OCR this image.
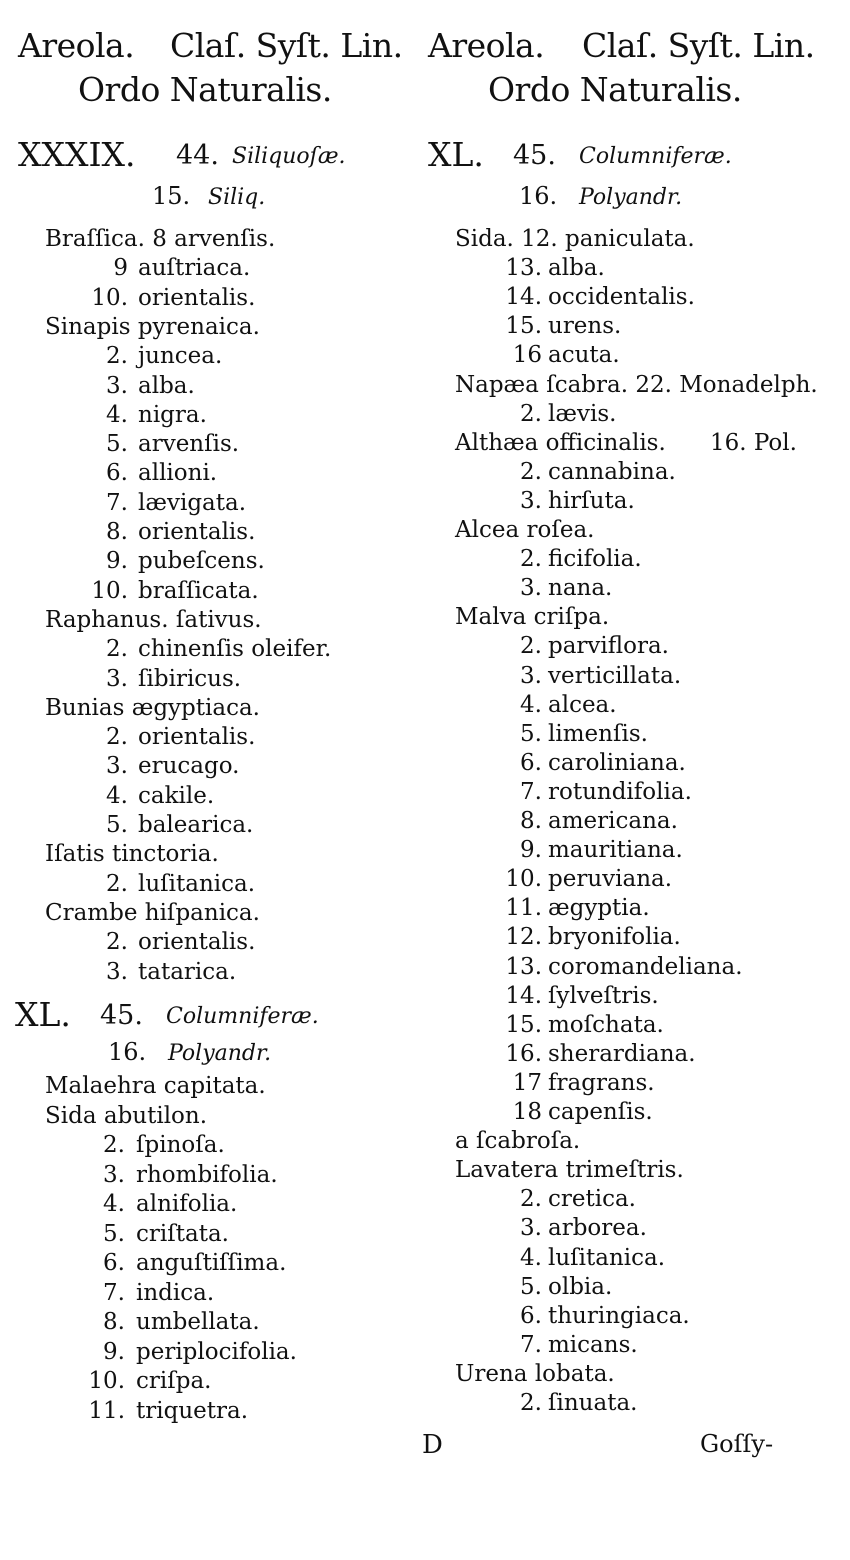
Areola. Claſ. Syſt. Lin.
Ordo Naturalis.
XXXIX. 44. Siliquoſæ.
15. Siliq.
Braſſica. 8 arvenſis.
9 auſtriaca.
10. orientalis.
Sinapis pyrenaica.
2. juncea.
3. alba.
4. nigra.
5. arvenſis.
6. allioni.
7. lævigata.
8. orientalis.
9. pubeſcens.
10. braſſicata.
Raphanus. ſativus.
2. chinenſis oleifer.
3. ſibiricus.
Bunias ægyptiaca.
2. orientalis.
3. erucago.
4. cakile.
5. balearica.
Iſatis tinctoria.
2. luſitanica.
Crambe hiſpanica.
2. orientalis.
3. tatarica.
XL. 45. Columniferæ.
16. Polyandr.
Malaehra capitata.
Sida abutilon.
2. ſpinoſa.
3. rhombifolia.
4. alnifolia.
5. criſtata.
6. anguſtiſſima.
7. indica.
8. umbellata.
9. periplocifolia.
10. criſpa.
11. triquetra.
Areola. Claſ. Syſt. Lin.
Ordo Naturalis.
XL. 45. Columniferæ.
16. Polyandr.
Sida. 12. paniculata.
13. alba.
14. occidentalis.
15. urens.
16 acuta.
Napæa ſcabra. 22. Monadelph.
2. lævis.
Althæa officinalis. 16. Pol.
2. cannabina.
3. hirſuta.
Alcea roſea.
2. ficifolia.
3. nana.
Malva criſpa.
2. parviflora.
3. verticillata.
4. alcea.
5. limenſis.
6. caroliniana.
7. rotundifolia.
8. americana.
9. mauritiana.
10. peruviana.
11. ægyptia.
12. bryonifolia.
13. coromandeliana.
14. ſylveſtris.
15. moſchata.
16. sherardiana.
17 fragrans.
18 capenſis.
a ſcabroſa.
Lavatera trimeſtris.
2. cretica.
3. arborea.
4. luſitanica.
5. olbia.
6. thuringiaca.
7. micans.
Urena lobata.
2. ſinuata.
D	Goſſy-
